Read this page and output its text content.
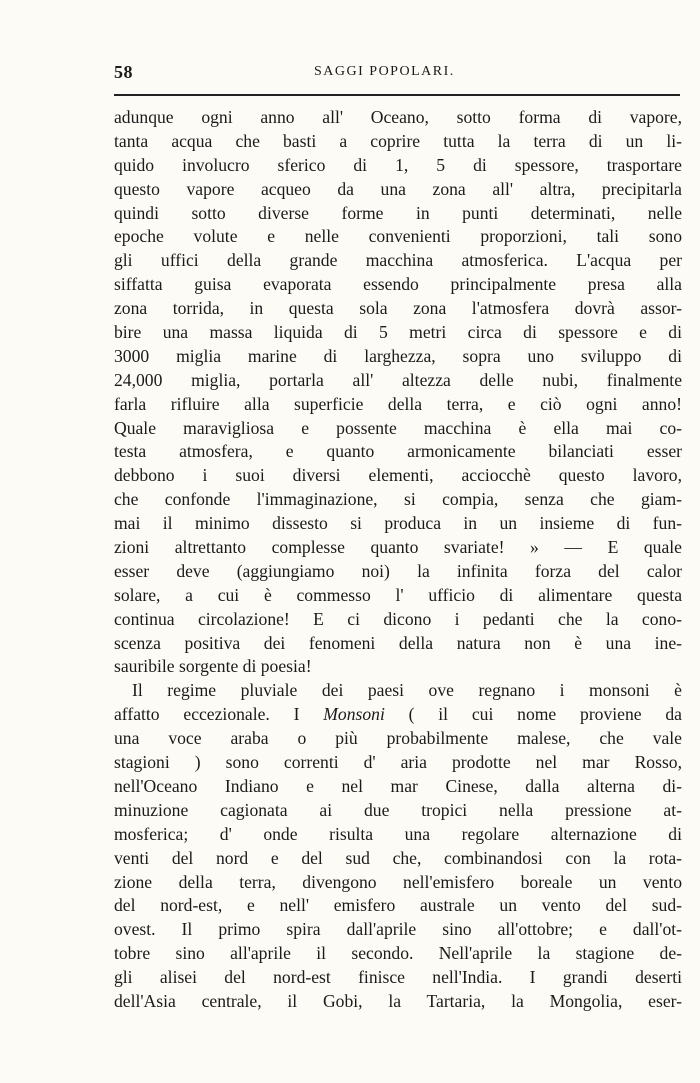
58	SAGGI POPOLARI.
adunque ogni anno all' Oceano, sotto forma di vapore,
tanta acqua che basti a coprire tutta la terra di un li-
quido involucro sferico di 1, 5 di spessore, trasportare
questo vapore acqueo da una zona all' altra, precipitarla
quindi sotto diverse forme in punti determinati, nelle
epoche volute e nelle convenienti proporzioni, tali sono
gli uffici della grande macchina atmosferica. L'acqua per
siffatta guisa evaporata essendo principalmente presa alla
zona torrida, in questa sola zona l'atmosfera dovrà assor-
bire una massa liquida di 5 metri circa di spessore e di
3000 miglia marine di larghezza, sopra uno sviluppo di
24,000 miglia, portarla all' altezza delle nubi, finalmente
farla rifluire alla superficie della terra, e ciò ogni anno!
Quale maravigliosa e possente macchina è ella mai co-
testa atmosfera, e quanto armonicamente bilanciati esser
debbono i suoi diversi elementi, acciocchè questo lavoro,
che confonde l'immaginazione, si compia, senza che giam-
mai il minimo dissesto si produca in un insieme di fun-
zioni altrettanto complesse quanto svariate! » — E quale
esser deve (aggiungiamo noi) la infinita forza del calor
solare, a cui è commesso l' ufficio di alimentare questa
continua circolazione! E ci dicono i pedanti che la cono-
scenza positiva dei fenomeni della natura non è una ine-
sauribile sorgente di poesia!
Il regime pluviale dei paesi ove regnano i monsoni è
affatto eccezionale. I Monsoni ( il cui nome proviene da
una voce araba o più probabilmente malese, che vale
stagioni ) sono correnti d' aria prodotte nel mar Rosso,
nell'Oceano Indiano e nel mar Cinese, dalla alterna di-
minuzione cagionata ai due tropici nella pressione at-
mosferica; d' onde risulta una regolare alternazione di
venti del nord e del sud che, combinandosi con la rota-
zione della terra, divengono nell'emisfero boreale un vento
del nord-est, e nell' emisfero australe un vento del sud-
ovest. Il primo spira dall'aprile sino all'ottobre; e dall'ot-
tobre sino all'aprile il secondo. Nell'aprile la stagione de-
gli alisei del nord-est finisce nell'India. I grandi deserti
dell'Asia centrale, il Gobi, la Tartaria, la Mongolia, eser-
